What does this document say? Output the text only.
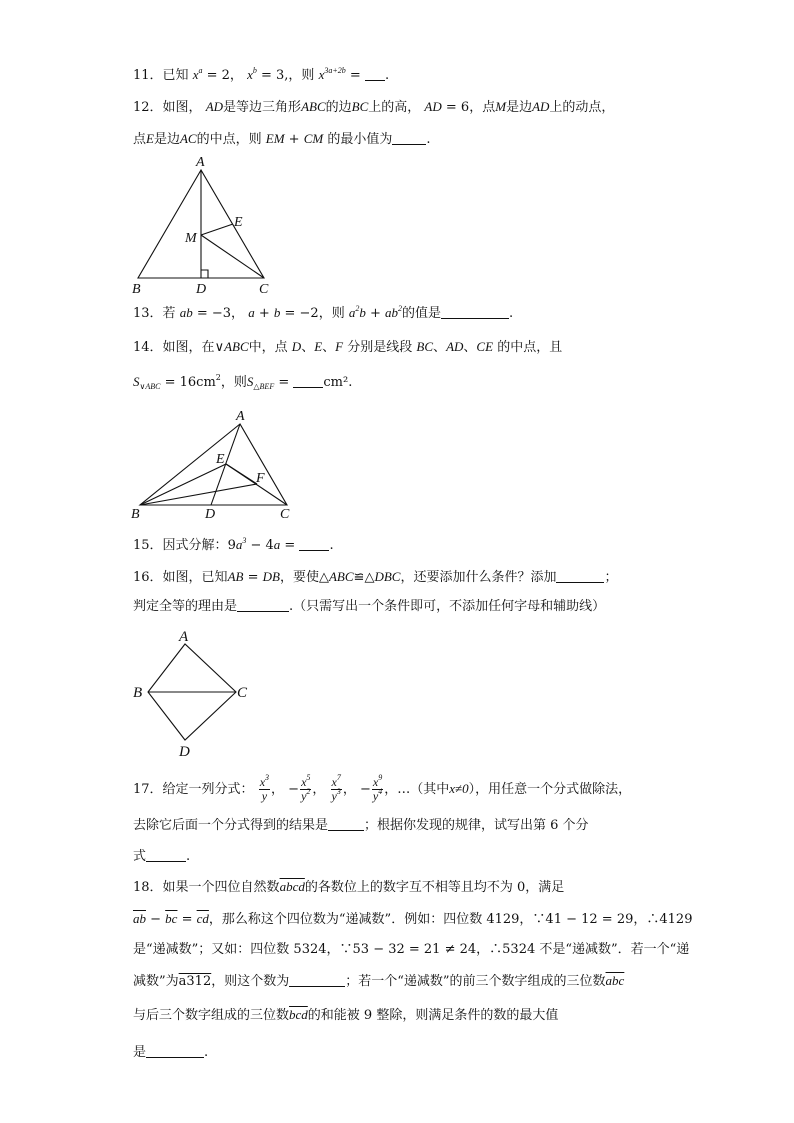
11．已知 $x^a = 2$， $x^b = 3$,，则 $x^{3a+2b}$ = .
12．如图， AD是等边三角形ABC的边BC上的高， AD = 6，点M是边AD上的动点，
点E是边AC的中点，则 EM + CM 的最小值为	.
A
B	C
D
E
M
13．若 ab = −3， a + b = −2，则 $a^2b + ab^2$的值是	.
14．如图，在∨ABC中，点 D、E、F 分别是线段 BC、AD、CE 的中点，且
$S_{\vee ABC} = 16cm^2$，则$S_{\triangle BEF} = cm^2$.
A
B	C
D
E
F
15．因式分解：$9a^3 - 4a$ = .
16．如图，已知AB = DB，要使△ABC≌△DBC，还要添加什么条件？添加	；
判定全等的理由是	.（只需写出一个条件即可，不添加任何字母和辅助线）
A
B	C
D
17．给定一列分式： $\frac{x^3}{y}$ ， − $\frac{x^5}{y^2}$ ， $\frac{x^7}{y^3}$ ， − $\frac{x^9}{y^4}$ ，…（其中x≠0），用任意一个分式做除法，
去除它后面一个分式得到的结果是	；根据你发现的规律，试写出第 6 个分
式	.
18．如果一个四位自然数abcd的各数位上的数字互不相等且均不为 0，满足
$\overline{ab} - \overline{bc} = \overline{cd}$，那么称这个四位数为“递减数”．例如：四位数 4129，∵41 − 12 = 29，∴4129
是“递减数”；又如：四位数 5324，∵53 − 32 = 21 ≠ 24，∴5324 不是“递减数”．若一个“递
减数”为a312，则这个数为	；若一个“递减数”的前三个数字组成的三位数$\overline{abc}$
与后三个数字组成的三位数$\overline{bcd}$的和能被 9 整除，则满足条件的数的最大值
是	.
